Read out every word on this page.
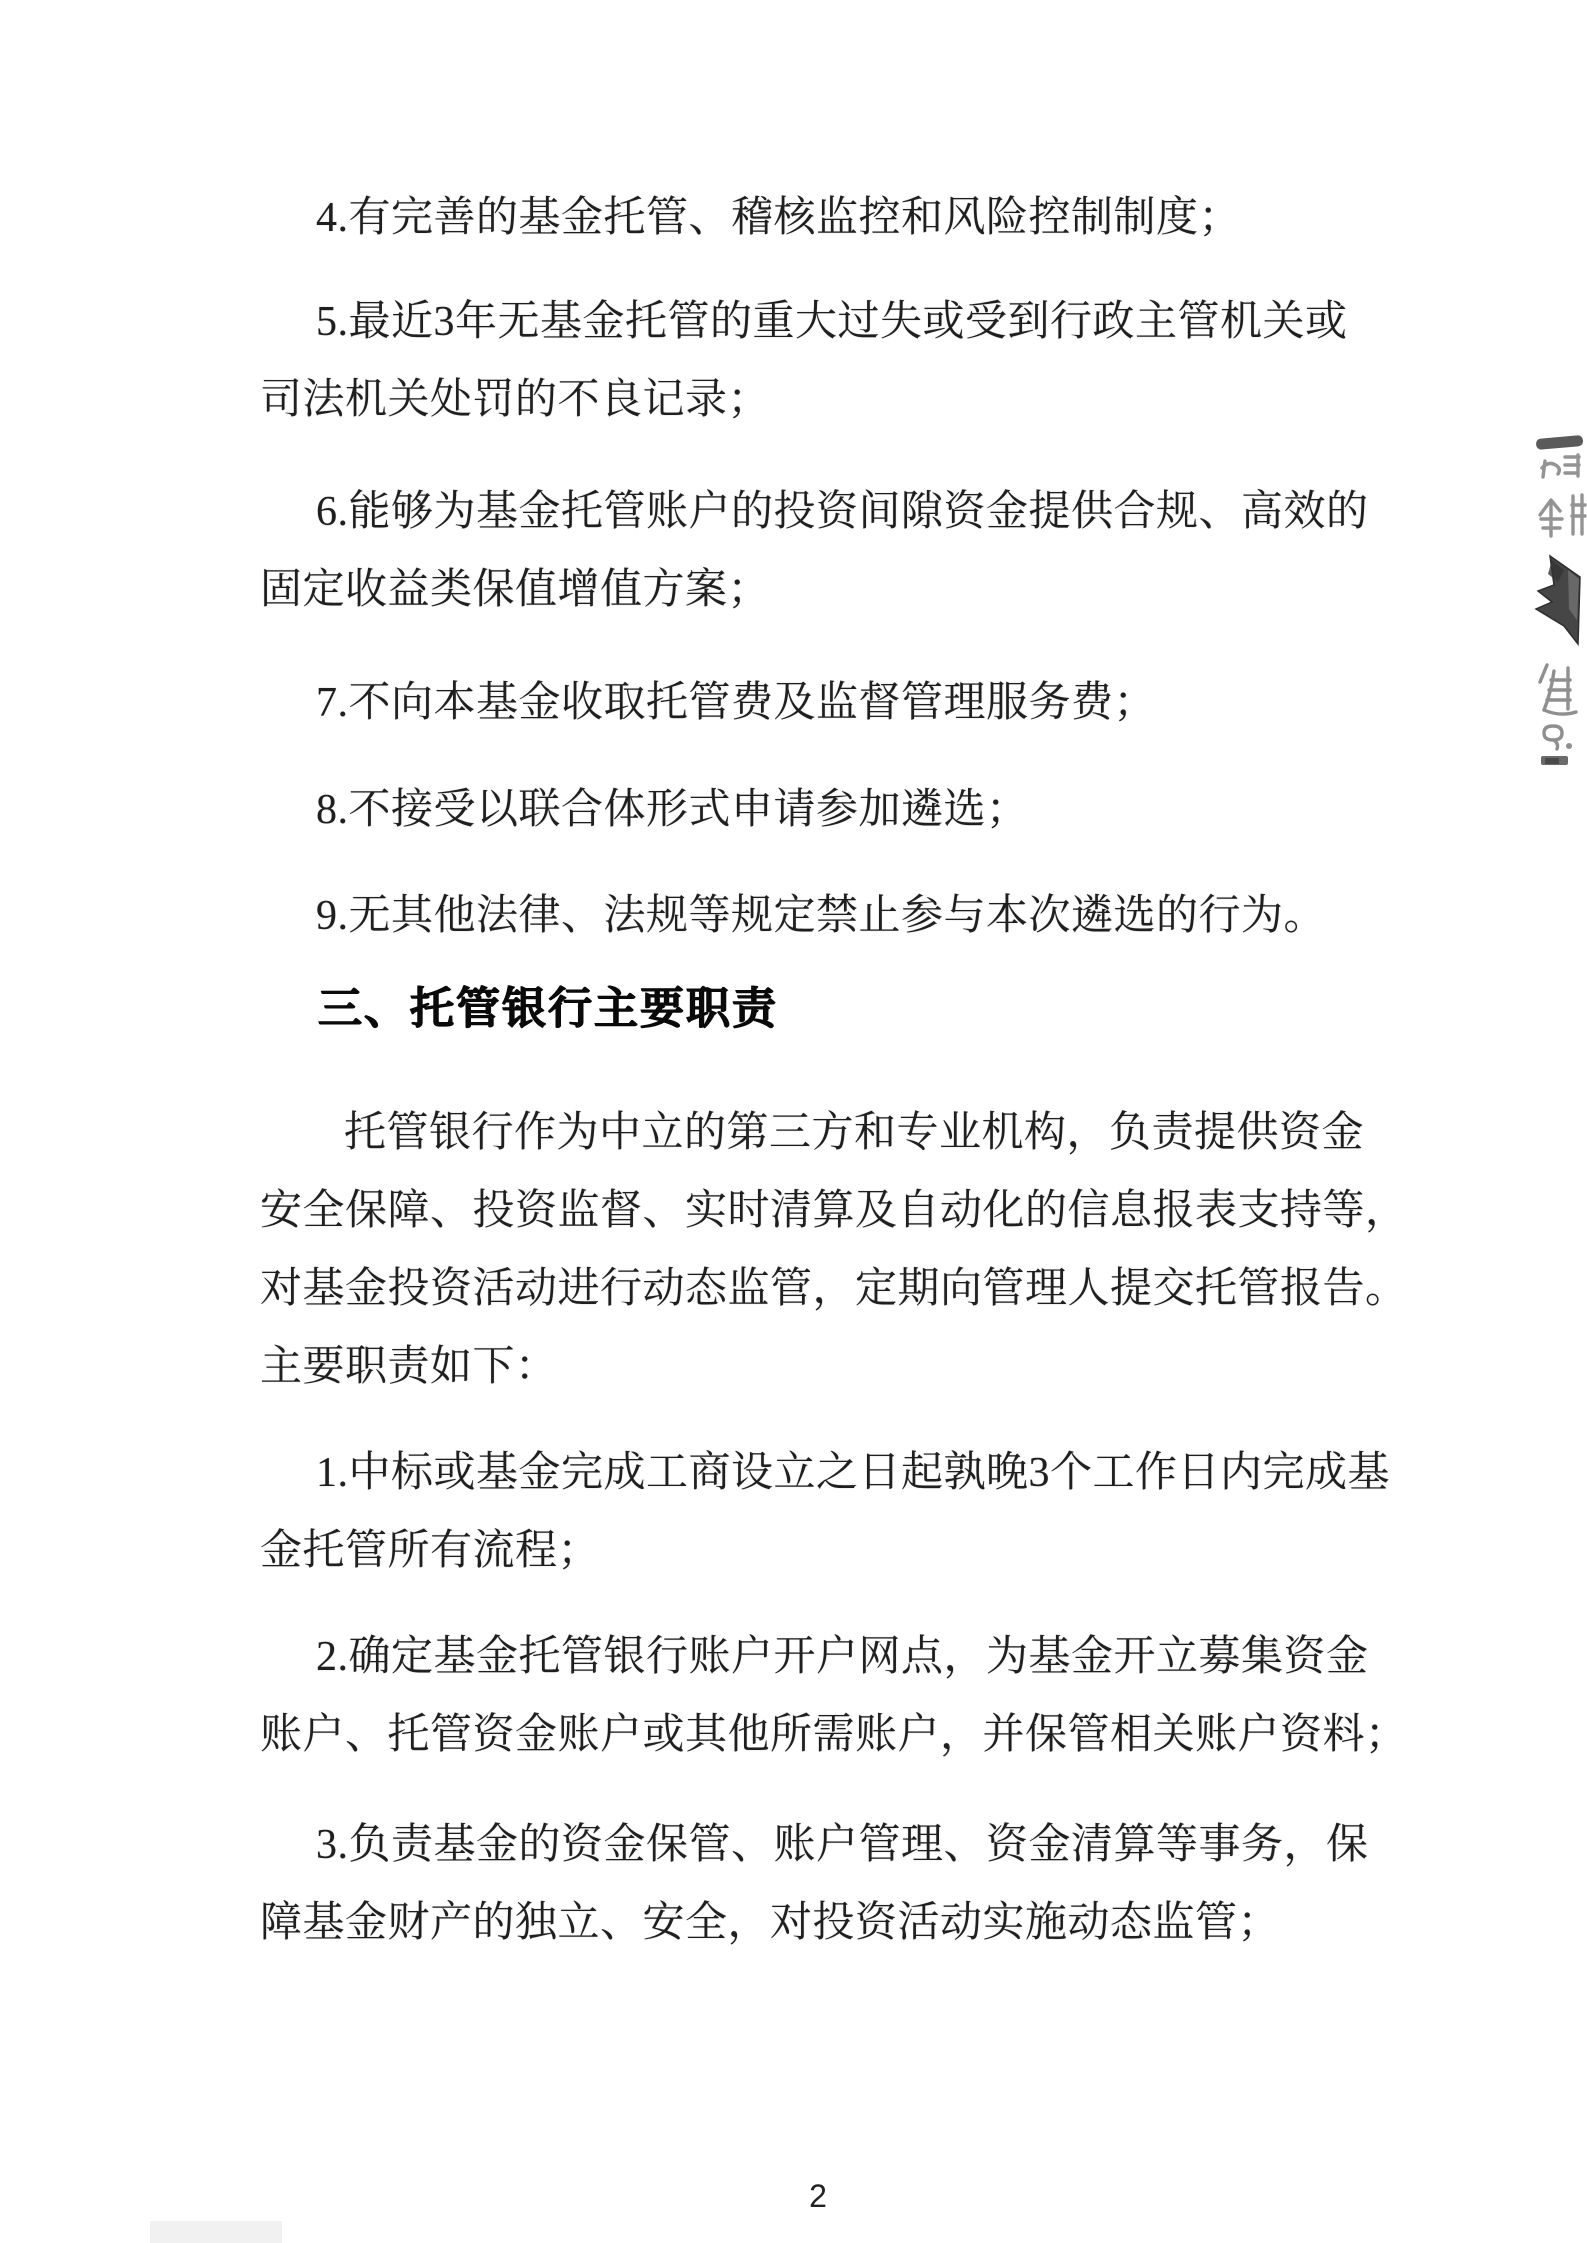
4.有完善的基金托管、稽核监控和风险控制制度；
5.最近3年无基金托管的重大过失或受到行政主管机关或
司法机关处罚的不良记录；
6.能够为基金托管账户的投资间隙资金提供合规、高效的
固定收益类保值增值方案；
7.不向本基金收取托管费及监督管理服务费；
8.不接受以联合体形式申请参加遴选；
9.无其他法律、法规等规定禁止参与本次遴选的行为。
三、托管银行主要职责
托管银行作为中立的第三方和专业机构，负责提供资金
安全保障、投资监督、实时清算及自动化的信息报表支持等，
对基金投资活动进行动态监管，定期向管理人提交托管报告。
主要职责如下：
1.中标或基金完成工商设立之日起孰晚3个工作日内完成基
金托管所有流程；
2.确定基金托管银行账户开户网点，为基金开立募集资金
账户、托管资金账户或其他所需账户，并保管相关账户资料；
3.负责基金的资金保管、账户管理、资金清算等事务，保
障基金财产的独立、安全，对投资活动实施动态监管；
2
